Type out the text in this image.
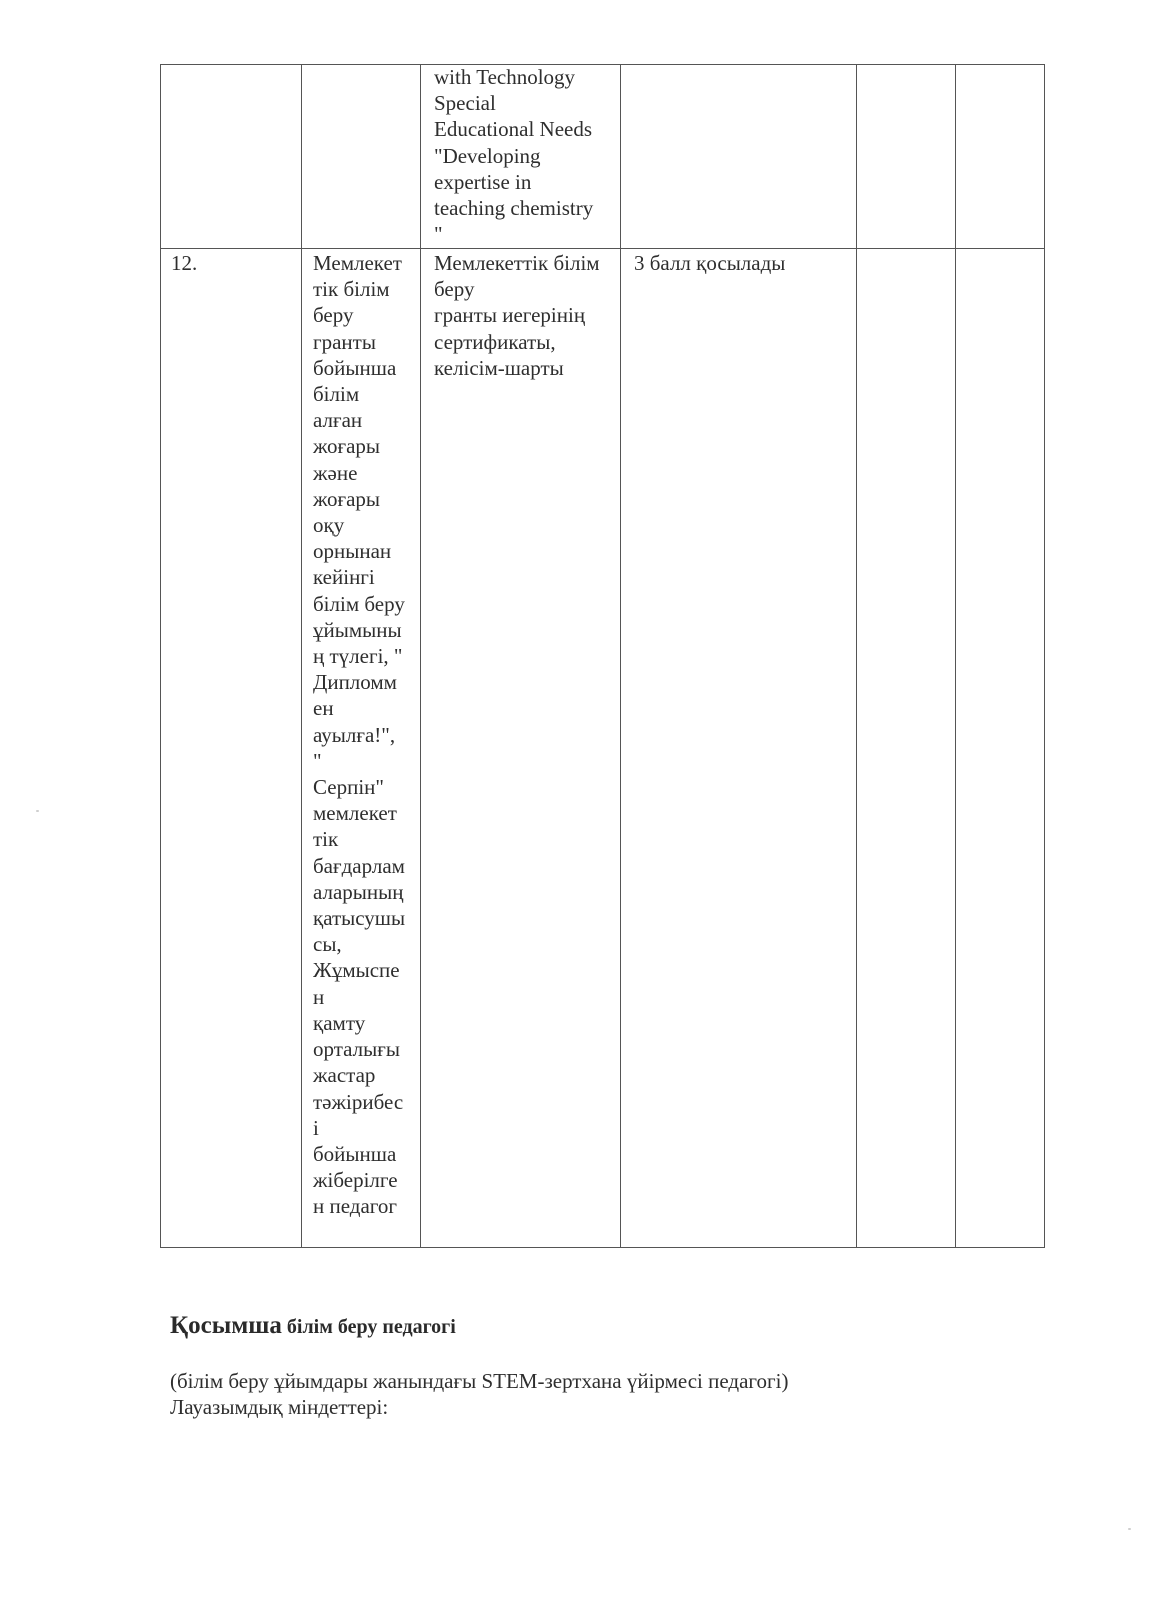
with Technology
Special
Educational Needs
"Developing
expertise in
teaching chemistry
"
12.	Мемлекет
тік білім
беру
гранты
бойынша
білім
алған
жоғары
және
жоғары
оқу
орнынан
кейінгі
білім беру
ұйымыны
ң түлегі, "
Дипломм
ен
ауылға!",
"
Серпін"
мемлекет
тік
бағдарлам
аларының
қатысушы
сы,
Жұмыспе
н
қамту
орталығы
жастар
тәжірибес
і
бойынша
жіберілге
н педагог
Мемлекеттік білім
беру
гранты иегерінің
сертификаты,
келісім-шарты
3 балл қосылады
Қосымша білім беру педагогі
(білім беру ұйымдары жанындағы STEM-зертхана үйірмесі педагогі)
Лауазымдық міндеттері:
